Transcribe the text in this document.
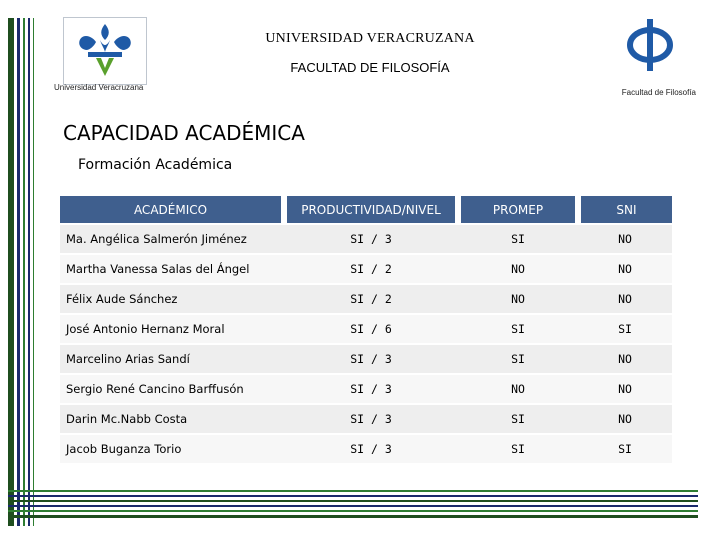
Universidad Veracruzana
Facultad de Filosofía
UNIVERSIDAD VERACRUZANA
FACULTAD DE FILOSOFÍA
CAPACIDAD ACADÉMICA
Formación Académica
ACADÉMICO	PRODUCTIVIDAD/NIVEL	PROMEP	SNI
Ma. Angélica Salmerón Jiménez	SI / 3	SI	NO
Martha Vanessa Salas del Ángel	SI / 2	NO	NO
Félix Aude Sánchez	SI / 2	NO	NO
José Antonio Hernanz Moral	SI / 6	SI	SI
Marcelino Arias Sandí	SI / 3	SI	NO
Sergio René Cancino Barffusón	SI / 3	NO	NO
Darin Mc.Nabb Costa	SI / 3	SI	NO
Jacob Buganza Torio	SI / 3	SI	SI
